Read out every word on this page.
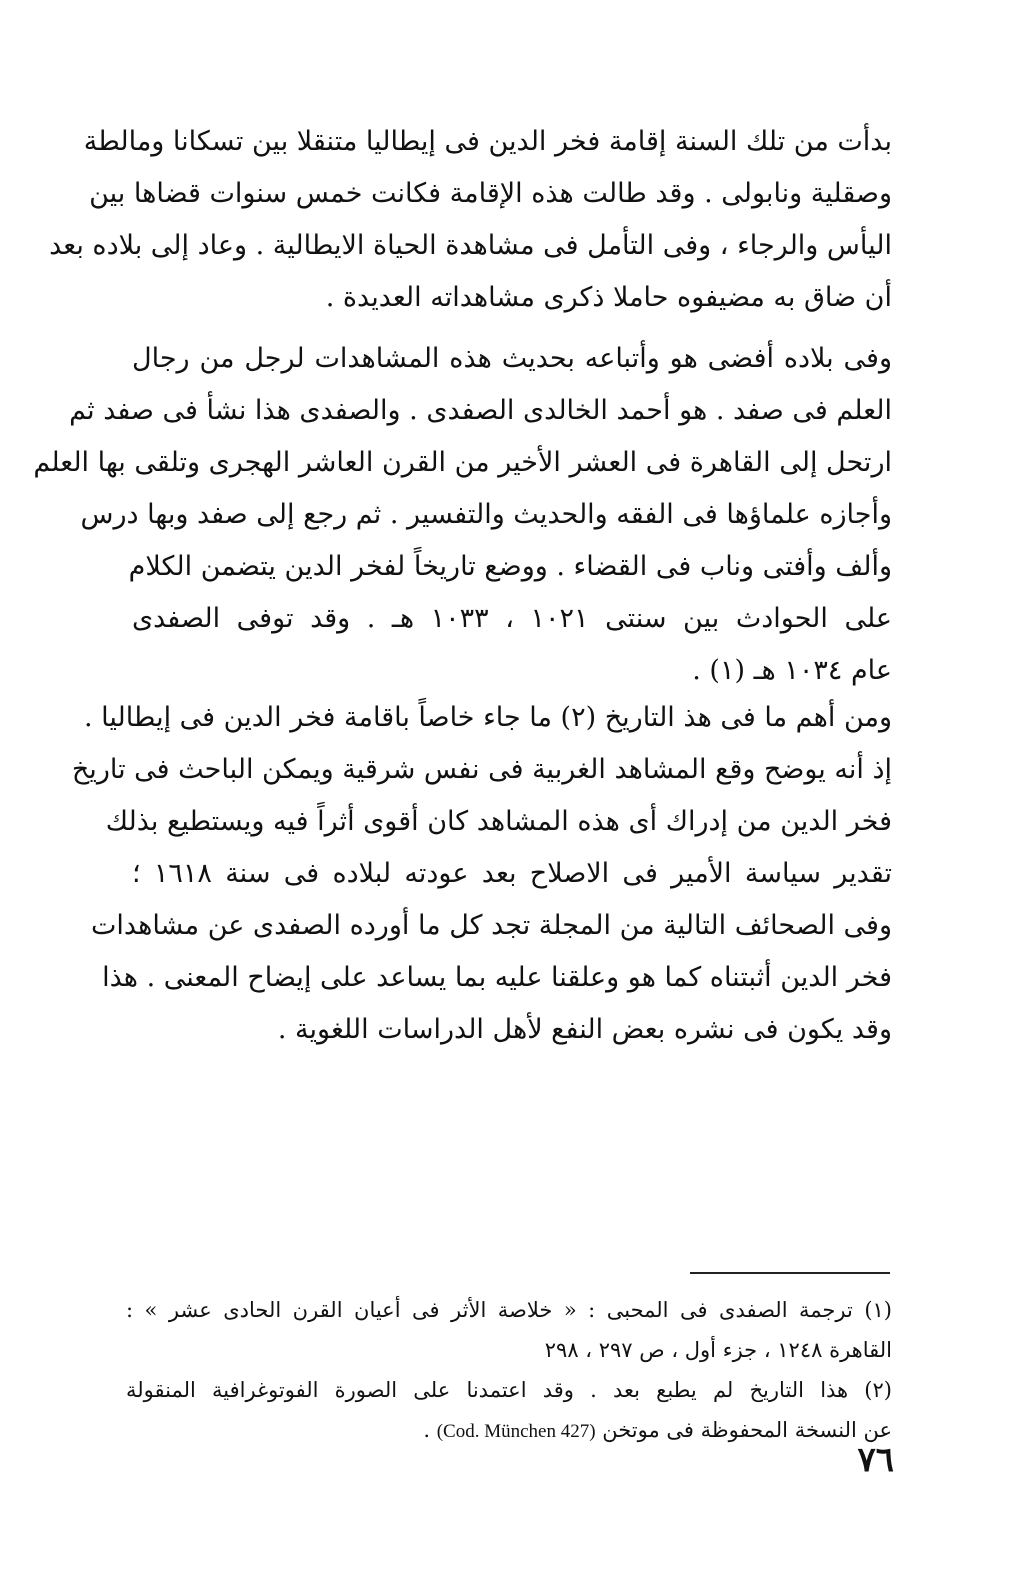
بدأت من تلك السنة إقامة فخر الدين فى إيطاليا متنقلا بين تسكانا ومالطة
وصقلية ونابولى . وقد طالت هذه الإقامة فكانت خمس سنوات قضاها بين
اليأس والرجاء ، وفى التأمل فى مشاهدة الحياة الايطالية . وعاد إلى بلاده بعد
أن ضاق به مضيفوه حاملا ذكرى مشاهداته العديدة .
وفى بلاده أفضى هو وأتباعه بحديث هذه المشاهدات لرجل من رجال
العلم فى صفد . هو أحمد الخالدى الصفدى . والصفدى هذا نشأ فى صفد ثم
ارتحل إلى القاهرة فى العشر الأخير من القرن العاشر الهجرى وتلقى بها العلم
وأجازه علماؤها فى الفقه والحديث والتفسير . ثم رجع إلى صفد وبها درس
وألف وأفتى وناب فى القضاء . ووضع تاريخاً لفخر الدين يتضمن الكلام
على الحوادث بين سنتى ١٠٢١ ، ١٠٣٣ هـ . وقد توفى الصفدى
عام ١٠٣٤ هـ (١) .
ومن أهم ما فى هذ التاريخ (٢) ما جاء خاصاً باقامة فخر الدين فى إيطاليا .
إذ أنه يوضح وقع المشاهد الغربية فى نفس شرقية ويمكن الباحث فى تاريخ
فخر الدين من إدراك أى هذه المشاهد كان أقوى أثراً فيه ويستطيع بذلك
تقدير سياسة الأمير فى الاصلاح بعد عودته لبلاده فى سنة ١٦١٨ ؛
وفى الصحائف التالية من المجلة تجد كل ما أورده الصفدى عن مشاهدات
فخر الدين أثبتناه كما هو وعلقنا عليه بما يساعد على إيضاح المعنى . هذا
وقد يكون فى نشره بعض النفع لأهل الدراسات اللغوية .
(١) ترجمة الصفدى فى المحبى : « خلاصة الأثر فى أعيان القرن الحادى عشر » :
القاهرة ١٢٤٨ ، جزء أول ، ص ٢٩٧ ، ٢٩٨
(٢) هذا التاريخ لم يطبع بعد . وقد اعتمدنا على الصورة الفوتوغرافية المنقولة
عن النسخة المحفوظة فى موتخن (Cod. München 427) .
٧٦
